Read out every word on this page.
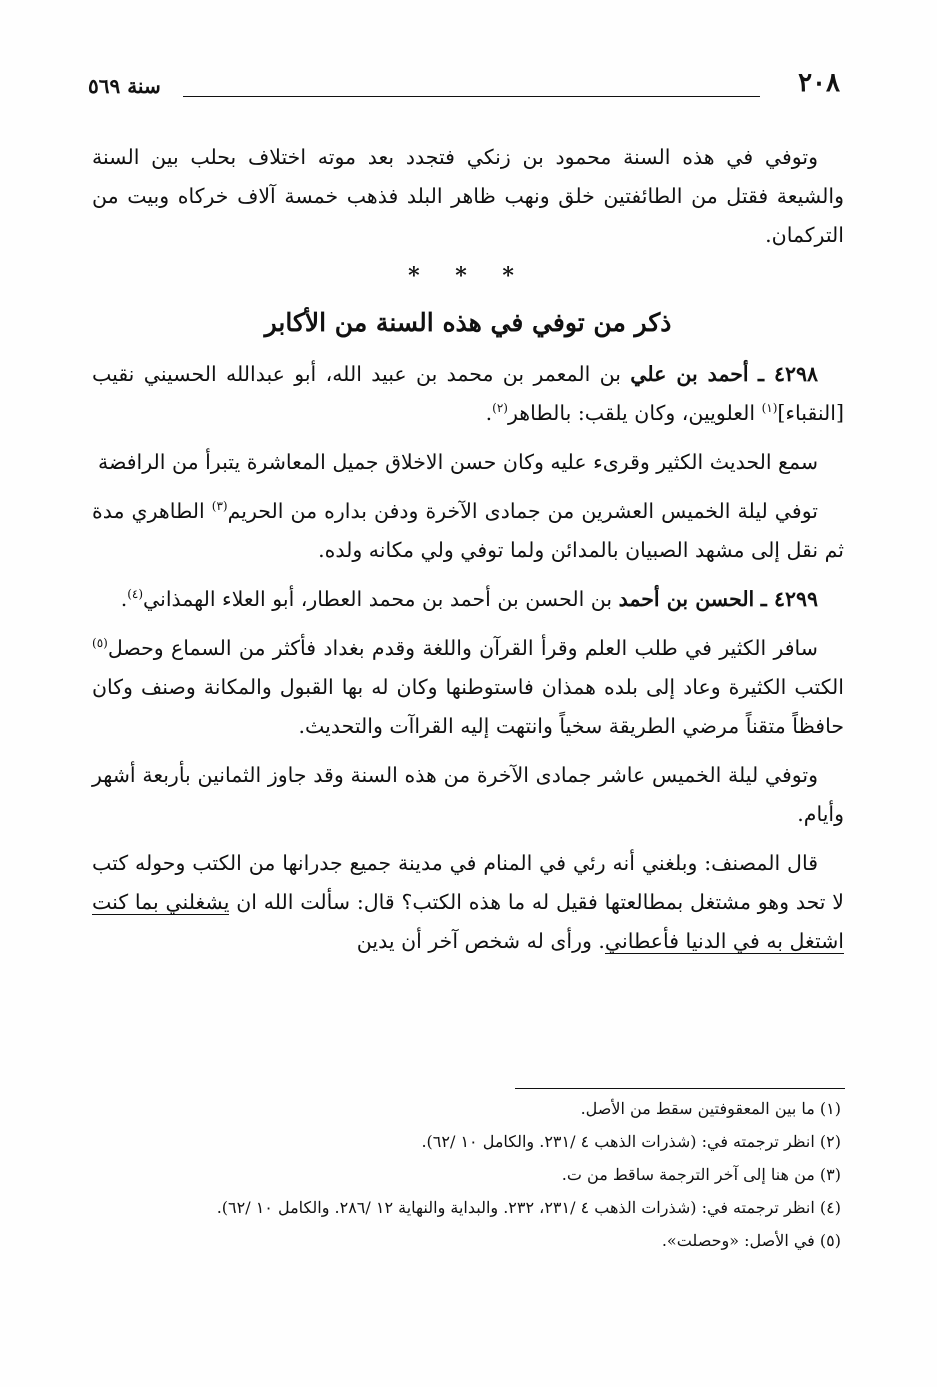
٢٠٨
سنة ٥٦٩

وتوفي في هذه السنة محمود بن زنكي فتجدد بعد موته اختلاف بحلب بين السنة والشيعة فقتل من الطائفتين خلق ونهب ظاهر البلد فذهب خمسة آلاف خركاه وبيت من التركمان.

* * *
ذكر من توفي في هذه السنة من الأكابر

٤٢٩٨ ـ أحمد بن علي بن المعمر بن محمد بن عبيد الله، أبو عبدالله الحسيني نقيب [النقباء]$^{(١)}$ العلويين، وكان يلقب: بالطاهر$^{(٢)}$.

سمع الحديث الكثير وقرىء عليه وكان حسن الاخلاق جميل المعاشرة يتبرأ من الرافضة

توفي ليلة الخميس العشرين من جمادى الآخرة ودفن بداره من الحريم$^{(٣)}$ الطاهري مدة ثم نقل إلى مشهد الصبيان بالمدائن ولما توفي ولي مكانه ولده.

٤٢٩٩ ـ الحسن بن أحمد بن الحسن بن أحمد بن محمد العطار، أبو العلاء الهمذاني$^{(٤)}$.

سافر الكثير في طلب العلم وقرأ القرآن واللغة وقدم بغداد فأكثر من السماع وحصل$^{(٥)}$ الكتب الكثيرة وعاد إلى بلده همذان فاستوطنها وكان له بها القبول والمكانة وصنف وكان حافظاً متقناً مرضي الطريقة سخياً وانتهت إليه القراآت والتحديث.

وتوفي ليلة الخميس عاشر جمادى الآخرة من هذه السنة وقد جاوز الثمانين بأربعة أشهر وأيام.

قال المصنف: وبلغني أنه رئي في المنام في مدينة جميع جدرانها من الكتب وحوله كتب لا تحد وهو مشتغل بمطالعتها فقيل له ما هذه الكتب؟ قال: سألت الله ان يشغلني بما كنت اشتغل به في الدنيا فأعطاني. ورأى له شخص آخر أن يدين

(١) ما بين المعقوفتين سقط من الأصل.
(٢) انظر ترجمته في: (شذرات الذهب ٤ /٢٣١. والكامل ١٠ /٦٢).
(٣) من هنا إلى آخر الترجمة ساقط من ت.
(٤) انظر ترجمته في: (شذرات الذهب ٤ /٢٣١، ٢٣٢. والبداية والنهاية ١٢ /٢٨٦. والكامل ١٠ /٦٢).
(٥) في الأصل: «وحصلت».
